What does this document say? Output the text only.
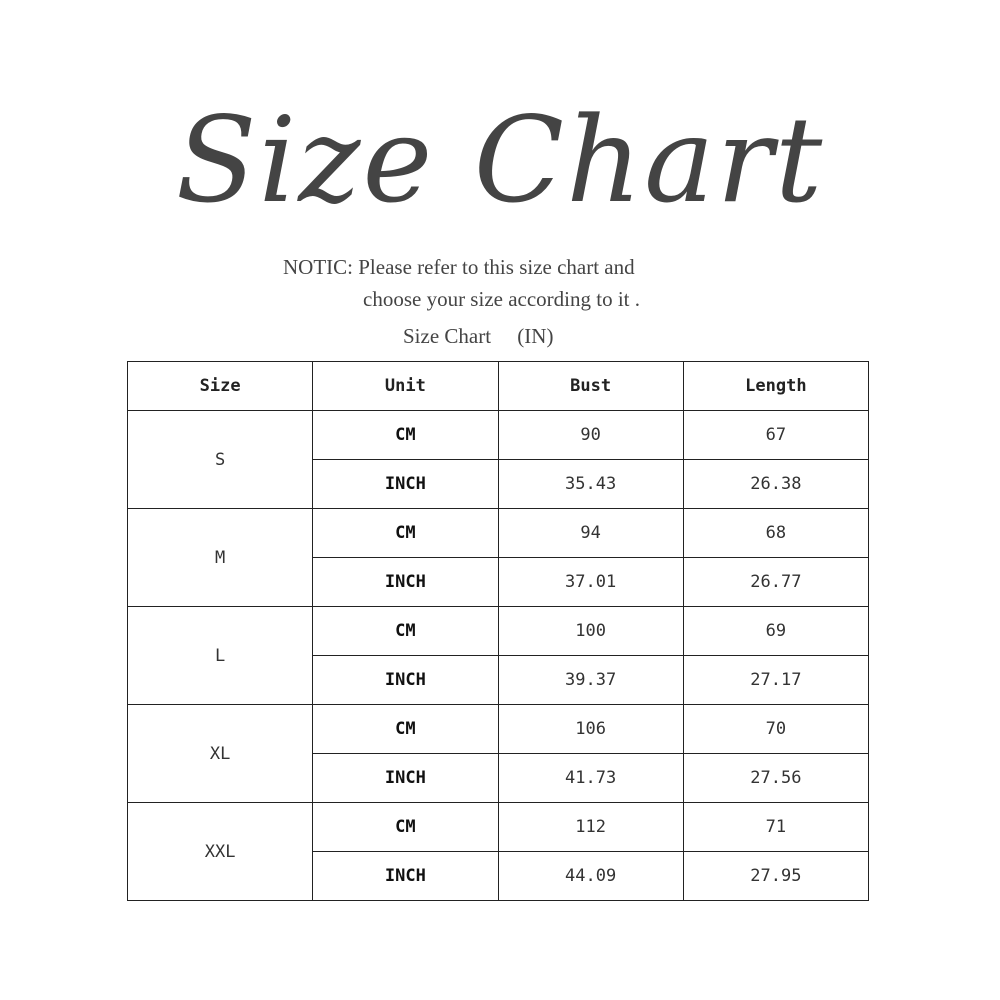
Size Chart
NOTIC: Please refer to this size chart and
choose your size according to it .
Size Chart 　(IN)
Size	Unit	Bust	Length
S	CM	90	67
	INCH	35.43	26.38
M	CM	94	68
	INCH	37.01	26.77
L	CM	100	69
	INCH	39.37	27.17
XL	CM	106	70
	INCH	41.73	27.56
XXL	CM	112	71
	INCH	44.09	27.95
